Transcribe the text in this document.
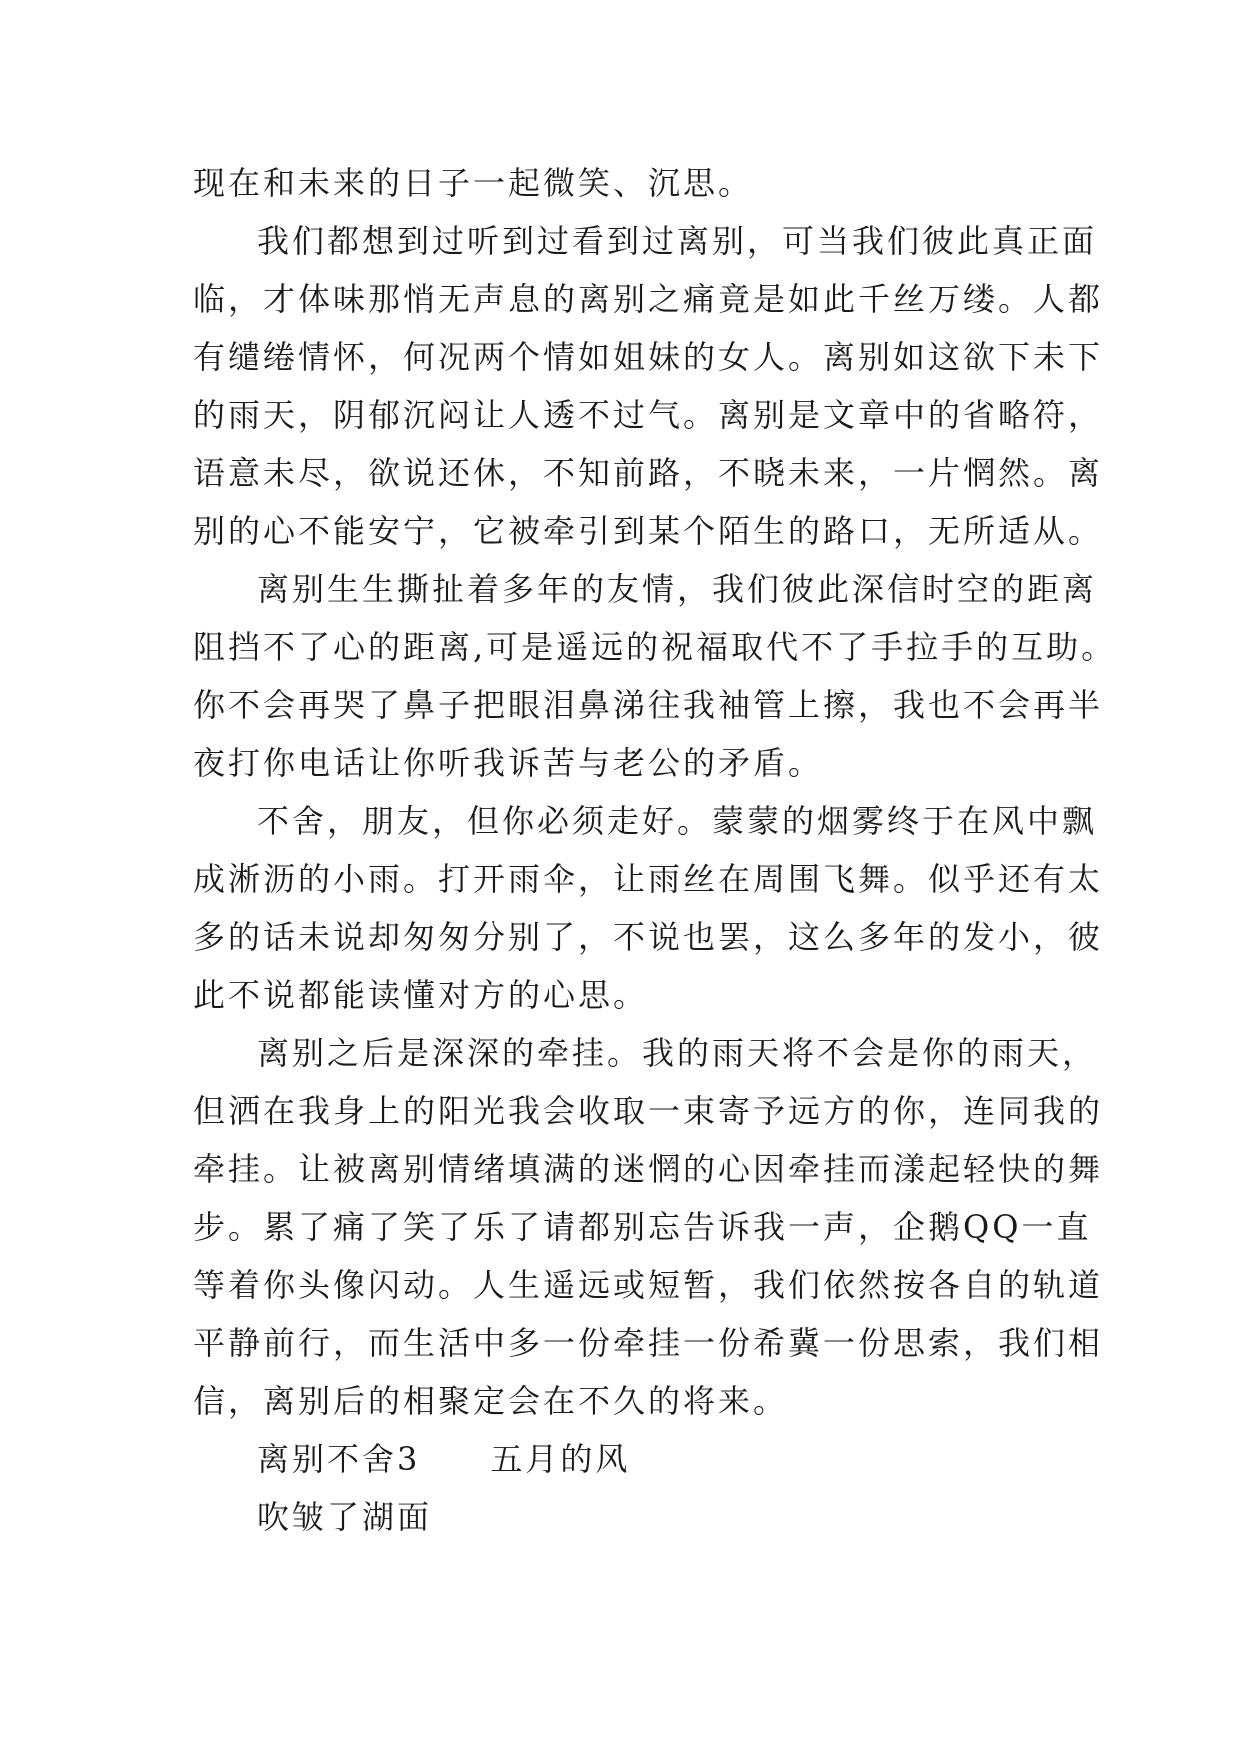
现在和未来的日子一起微笑、沉思。
我们都想到过听到过看到过离别，可当我们彼此真正面
临，才体味那悄无声息的离别之痛竟是如此千丝万缕。人都
有缱绻情怀，何况两个情如姐妹的女人。离别如这欲下未下
的雨天，阴郁沉闷让人透不过气。离别是文章中的省略符，
语意未尽，欲说还休，不知前路，不晓未来，一片惘然。离
别的心不能安宁，它被牵引到某个陌生的路口，无所适从。
离别生生撕扯着多年的友情，我们彼此深信时空的距离
阻挡不了心的距离,可是遥远的祝福取代不了手拉手的互助。
你不会再哭了鼻子把眼泪鼻涕往我袖管上擦，我也不会再半
夜打你电话让你听我诉苦与老公的矛盾。
不舍，朋友，但你必须走好。蒙蒙的烟雾终于在风中飘
成淅沥的小雨。打开雨伞，让雨丝在周围飞舞。似乎还有太
多的话未说却匆匆分别了，不说也罢，这么多年的发小，彼
此不说都能读懂对方的心思。
离别之后是深深的牵挂。我的雨天将不会是你的雨天，
但洒在我身上的阳光我会收取一束寄予远方的你，连同我的
牵挂。让被离别情绪填满的迷惘的心因牵挂而漾起轻快的舞
步。累了痛了笑了乐了请都别忘告诉我一声，企鹅QQ一直
等着你头像闪动。人生遥远或短暂，我们依然按各自的轨道
平静前行，而生活中多一份牵挂一份希冀一份思索，我们相
信，离别后的相聚定会在不久的将来。
离别不舍3　　五月的风
吹皱了湖面
